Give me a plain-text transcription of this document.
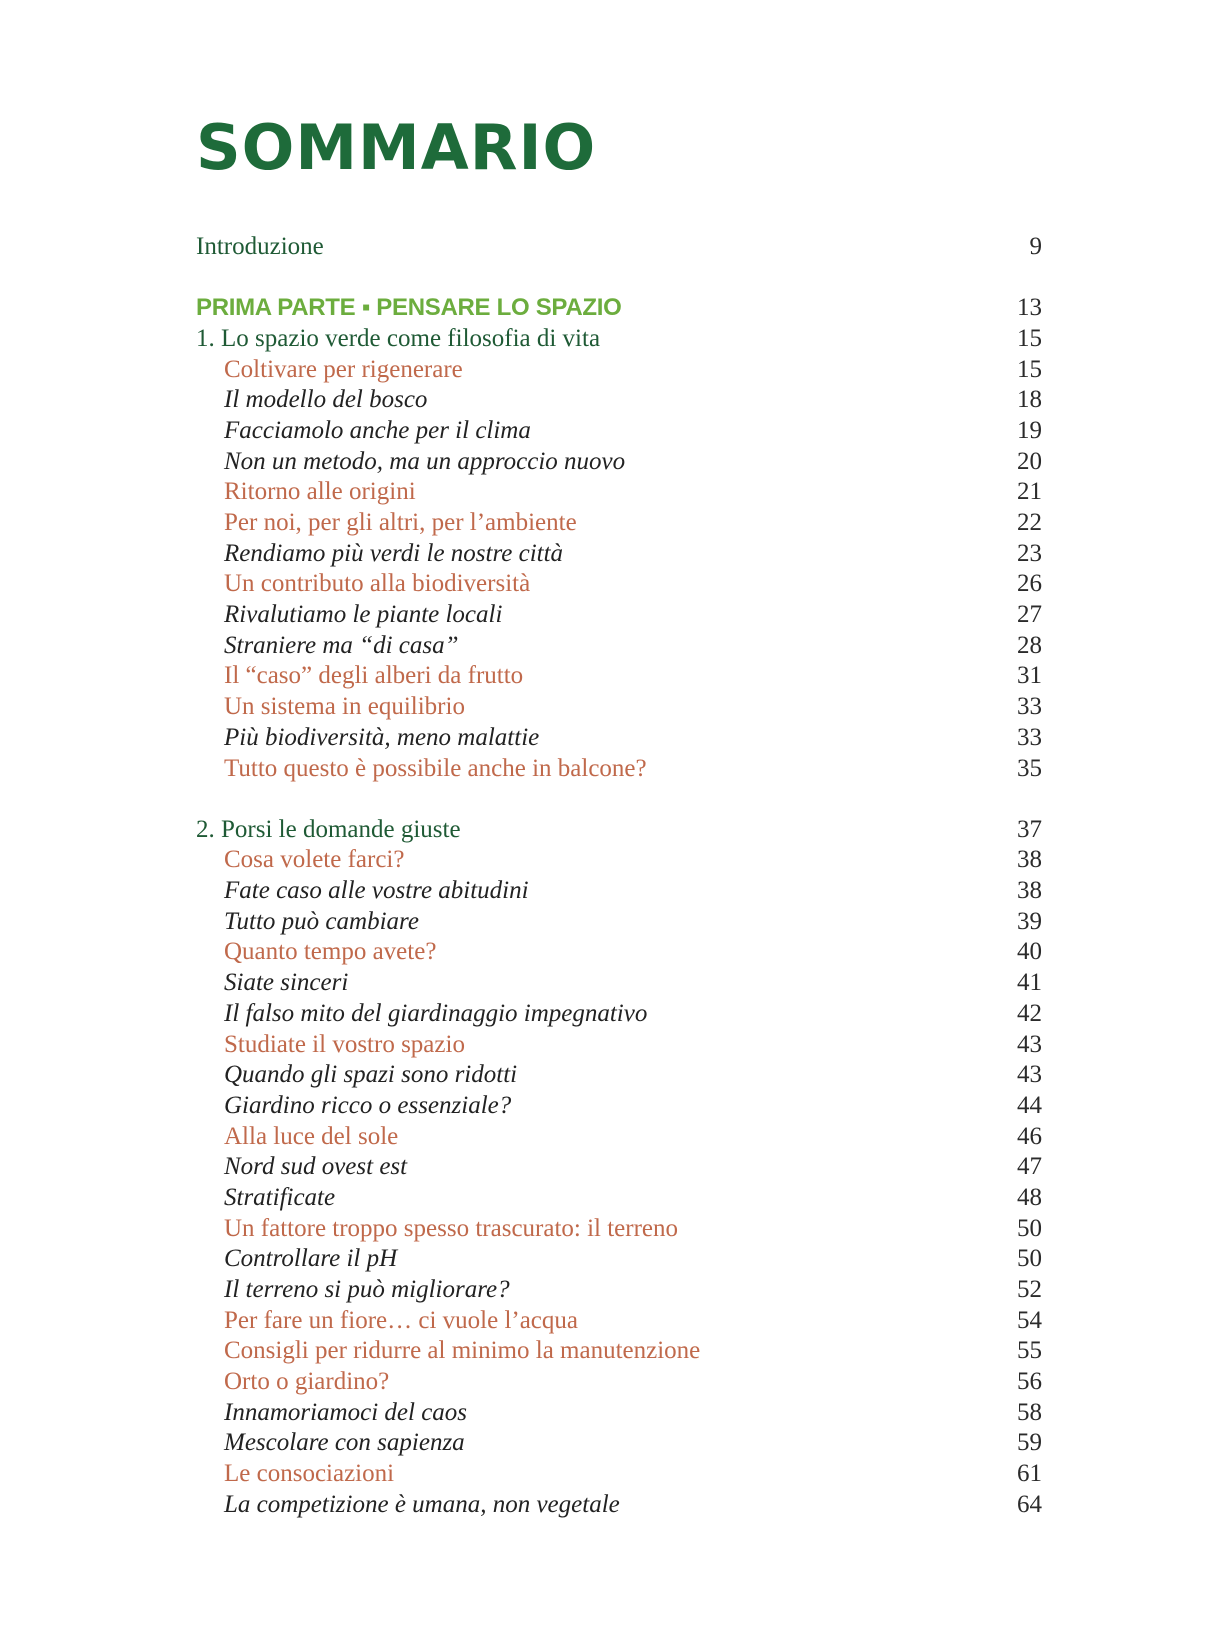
SOMMARIO
Introduzione	9
PRIMA PARTE ▪ PENSARE LO SPAZIO	13
1. Lo spazio verde come filosofia di vita	15
Coltivare per rigenerare	15
Il modello del bosco	18
Facciamolo anche per il clima	19
Non un metodo, ma un approccio nuovo	20
Ritorno alle origini	21
Per noi, per gli altri, per l’ambiente	22
Rendiamo più verdi le nostre città	23
Un contributo alla biodiversità	26
Rivalutiamo le piante locali	27
Straniere ma “di casa”	28
Il “caso” degli alberi da frutto	31
Un sistema in equilibrio	33
Più biodiversità, meno malattie	33
Tutto questo è possibile anche in balcone?	35
2. Porsi le domande giuste	37
Cosa volete farci?	38
Fate caso alle vostre abitudini	38
Tutto può cambiare	39
Quanto tempo avete?	40
Siate sinceri	41
Il falso mito del giardinaggio impegnativo	42
Studiate il vostro spazio	43
Quando gli spazi sono ridotti	43
Giardino ricco o essenziale?	44
Alla luce del sole	46
Nord sud ovest est	47
Stratificate	48
Un fattore troppo spesso trascurato: il terreno	50
Controllare il pH	50
Il terreno si può migliorare?	52
Per fare un fiore… ci vuole l’acqua	54
Consigli per ridurre al minimo la manutenzione	55
Orto o giardino?	56
Innamoriamoci del caos	58
Mescolare con sapienza	59
Le consociazioni	61
La competizione è umana, non vegetale	64
